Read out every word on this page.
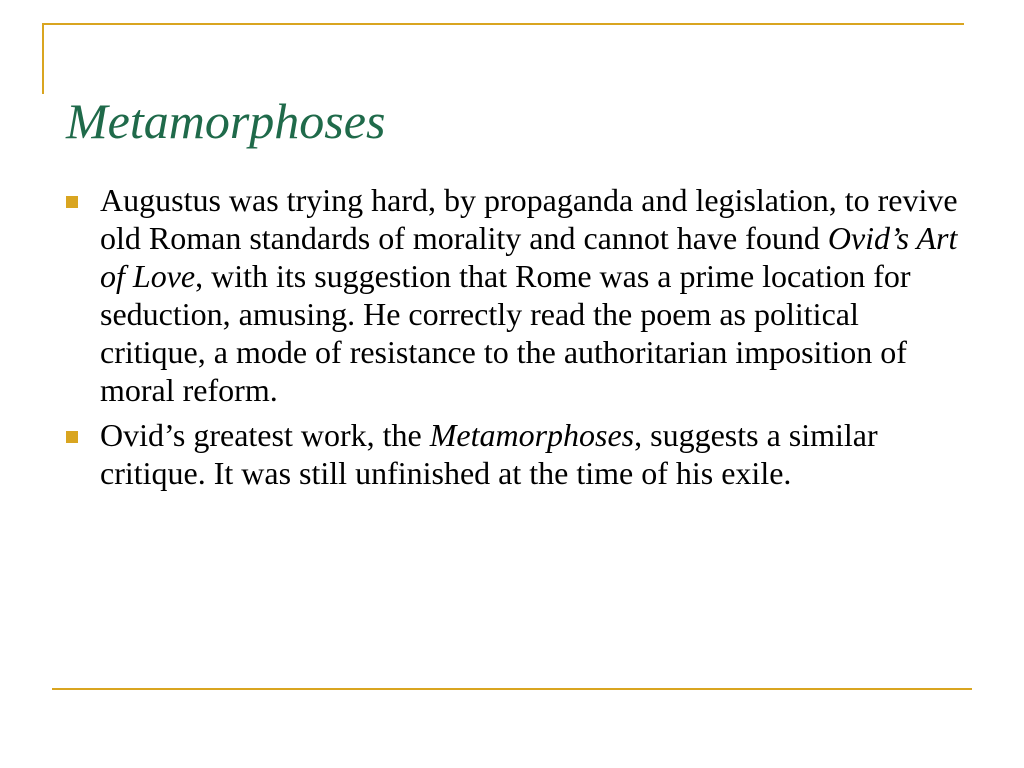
Metamorphoses
Augustus was trying hard, by propaganda and legislation, to revive old Roman standards of morality and cannot have found Ovid’s Art of Love, with its suggestion that Rome was a prime location for seduction, amusing. He correctly read the poem as political critique, a mode of resistance to the authoritarian imposition of moral reform.
Ovid’s greatest work, the Metamorphoses, suggests a similar critique. It was still unfinished at the time of his exile.
